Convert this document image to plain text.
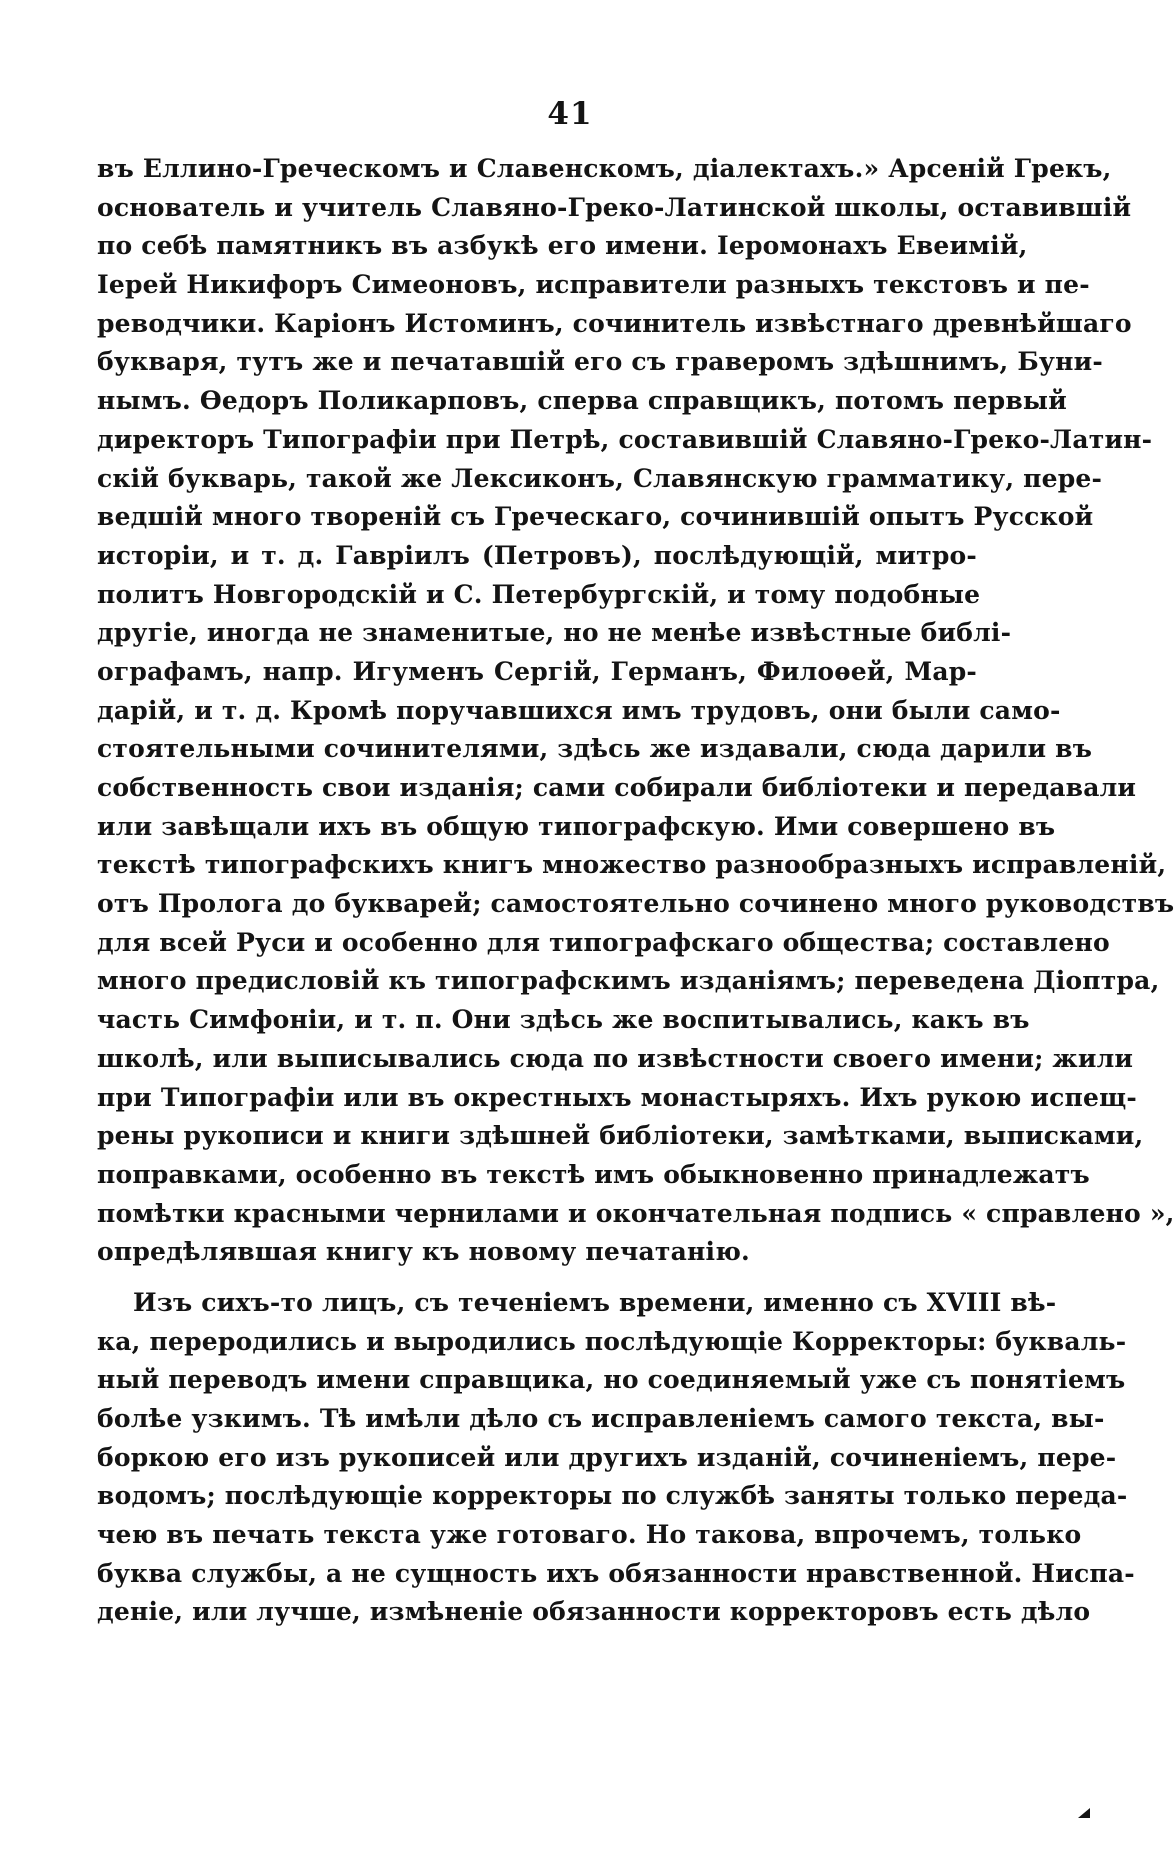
41
въ Еллино-Греческомъ и Славенскомъ, діалектахъ.» Арсеній Грекъ,
основатель и учитель Славяно-Греко-Латинской школы, оставившій
по себѣ памятникъ въ азбукѣ его имени. Іеромонахъ Евеимій,
Іерей Никифоръ Симеоновъ, исправители разныхъ текстовъ и пе-
реводчики. Каріонъ Истоминъ, сочинитель извѣстнаго древнѣйшаго
букваря, тутъ же и печатавшій его съ граверомъ здѣшнимъ, Буни-
нымъ. Өедоръ Поликарповъ, сперва справщикъ, потомъ первый
директоръ Типографіи при Петрѣ, составившій Славяно-Греко-Латин-
скій букварь, такой же Лексиконъ, Славянскую грамматику, пере-
ведшій много твореній съ Греческаго, сочинившій опытъ Русской
исторіи, и т. д. Гавріилъ (Петровъ), послѣдующій, митро-
политъ Новгородскій и С. Петербургскій, и тому подобные
другіе, иногда не знаменитые, но не менѣе извѣстные библі-
ографамъ, напр. Игуменъ Сергій, Германъ, Филоѳей, Мар-
дарій, и т. д. Кромѣ поручавшихся имъ трудовъ, они были само-
стоятельными сочинителями, здѣсь же издавали, сюда дарили въ
собственность свои изданія; сами собирали библіотеки и передавали
или завѣщали ихъ въ общую типографскую. Ими совершено въ
текстѣ типографскихъ книгъ множество разнообразныхъ исправленій,
отъ Пролога до букварей; самостоятельно сочинено много руководствъ
для всей Руси и особенно для типографскаго общества; составлено
много предисловій къ типографскимъ изданіямъ; переведена Діоптра,
часть Симфоніи, и т. п. Они здѣсь же воспитывались, какъ въ
школѣ, или выписывались сюда по извѣстности своего имени; жили
при Типографіи или въ окрестныхъ монастыряхъ. Ихъ рукою испещ-
рены рукописи и книги здѣшней библіотеки, замѣтками, выписками,
поправками, особенно въ текстѣ имъ обыкновенно принадлежатъ
помѣтки красными чернилами и окончательная подпись « справлено »,
опредѣлявшая книгу къ новому печатанію.
Изъ сихъ-то лицъ, съ теченіемъ времени, именно съ XVIII вѣ-
ка, переродились и выродились послѣдующіе Корректоры: букваль-
ный переводъ имени справщика, но соединяемый уже съ понятіемъ
болѣе узкимъ. Тѣ имѣли дѣло съ исправленіемъ самого текста, вы-
боркою его изъ рукописей или другихъ изданій, сочиненіемъ, пере-
водомъ; послѣдующіе корректоры по службѣ заняты только переда-
чею въ печать текста уже готоваго. Но такова, впрочемъ, только
буква службы, а не сущность ихъ обязанности нравственной. Ниспа-
деніе, или лучше, измѣненіе обязанности корректоровъ есть дѣло
